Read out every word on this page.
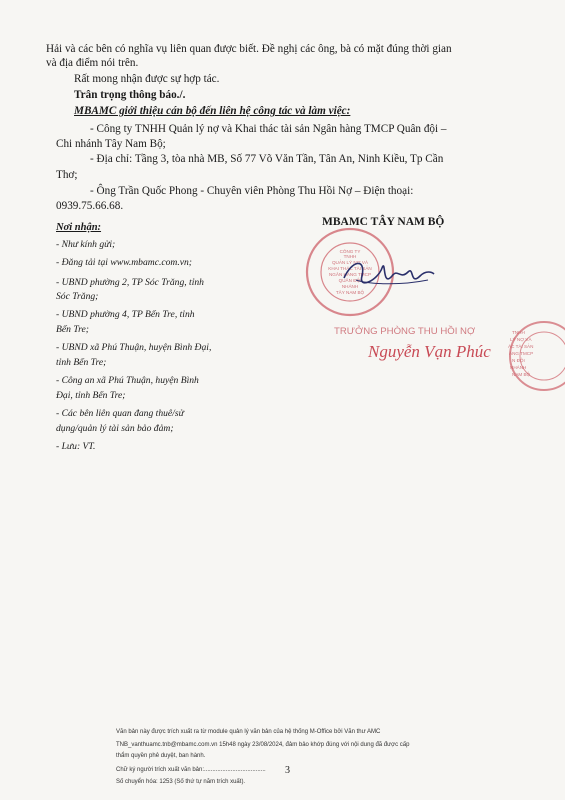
Hải và các bên có nghĩa vụ liên quan được biết. Đề nghị các ông, bà có mặt đúng thời gian
và địa điểm nói trên.
Rất mong nhận được sự hợp tác.
Trân trọng thông báo./.
MBAMC giới thiệu cán bộ đến liên hệ công tác và làm việc:
- Công ty TNHH Quản lý nợ và Khai thác tài sản Ngân hàng TMCP Quân đội –
Chi nhánh Tây Nam Bộ;
- Địa chỉ: Tầng 3, tòa nhà MB, Số 77 Võ Văn Tần, Tân An, Ninh Kiều, Tp Cần
Thơ;
- Ông Trần Quốc Phong - Chuyên viên Phòng Thu Hồi Nợ – Điện thoại:
0939.75.66.68.
Nơi nhận:
- Như kính gửi;
- Đăng tải tại www.mbamc.com.vn;
- UBND phường 2, TP Sóc Trăng, tỉnh
Sóc Trăng;
- UBND phường 4, TP Bến Tre, tỉnh
Bến Tre;
- UBND xã Phú Thuận, huyện Bình Đại,
tỉnh Bến Tre;
- Công an xã Phú Thuận, huyện Bình
Đại, tỉnh Bến Tre;
- Các bên liên quan đang thuê/sử
dụng/quản lý tài sản bảo đảm;
- Lưu: VT.
MBAMC TÂY NAM BỘ
CÔNG TY
TNHH
QUẢN LÝ NỢ VÀ
KHAI THÁC TÀI SẢN
NGÂN HÀNG TMCP
QUÂN ĐỘI
NHÁNH
TÂY NAM BỘ
TNHH
LÝ NỢ VÀ
ÁC TÀI SẢN
ÀNG TMCP
N ĐỘI
NHÁNH
NAM BỘ
TRƯỞNG PHÒNG THU HỒI NỢ
Nguyễn Vạn Phúc
Văn bản này được trích xuất ra từ module quản lý văn bản của hệ thống M-Office bởi Văn thư AMC
TNB_vanthuamc.tnb@mbamc.com.vn 15h48 ngày 23/08/2024, đảm bảo khớp đúng với nội dung đã được cấp
thẩm quyền phê duyệt, ban hành.
Chữ ký người trích xuất văn bản:.....................................
Số chuyển hóa: 1253 (Số thứ tự năm trích xuất).
3
